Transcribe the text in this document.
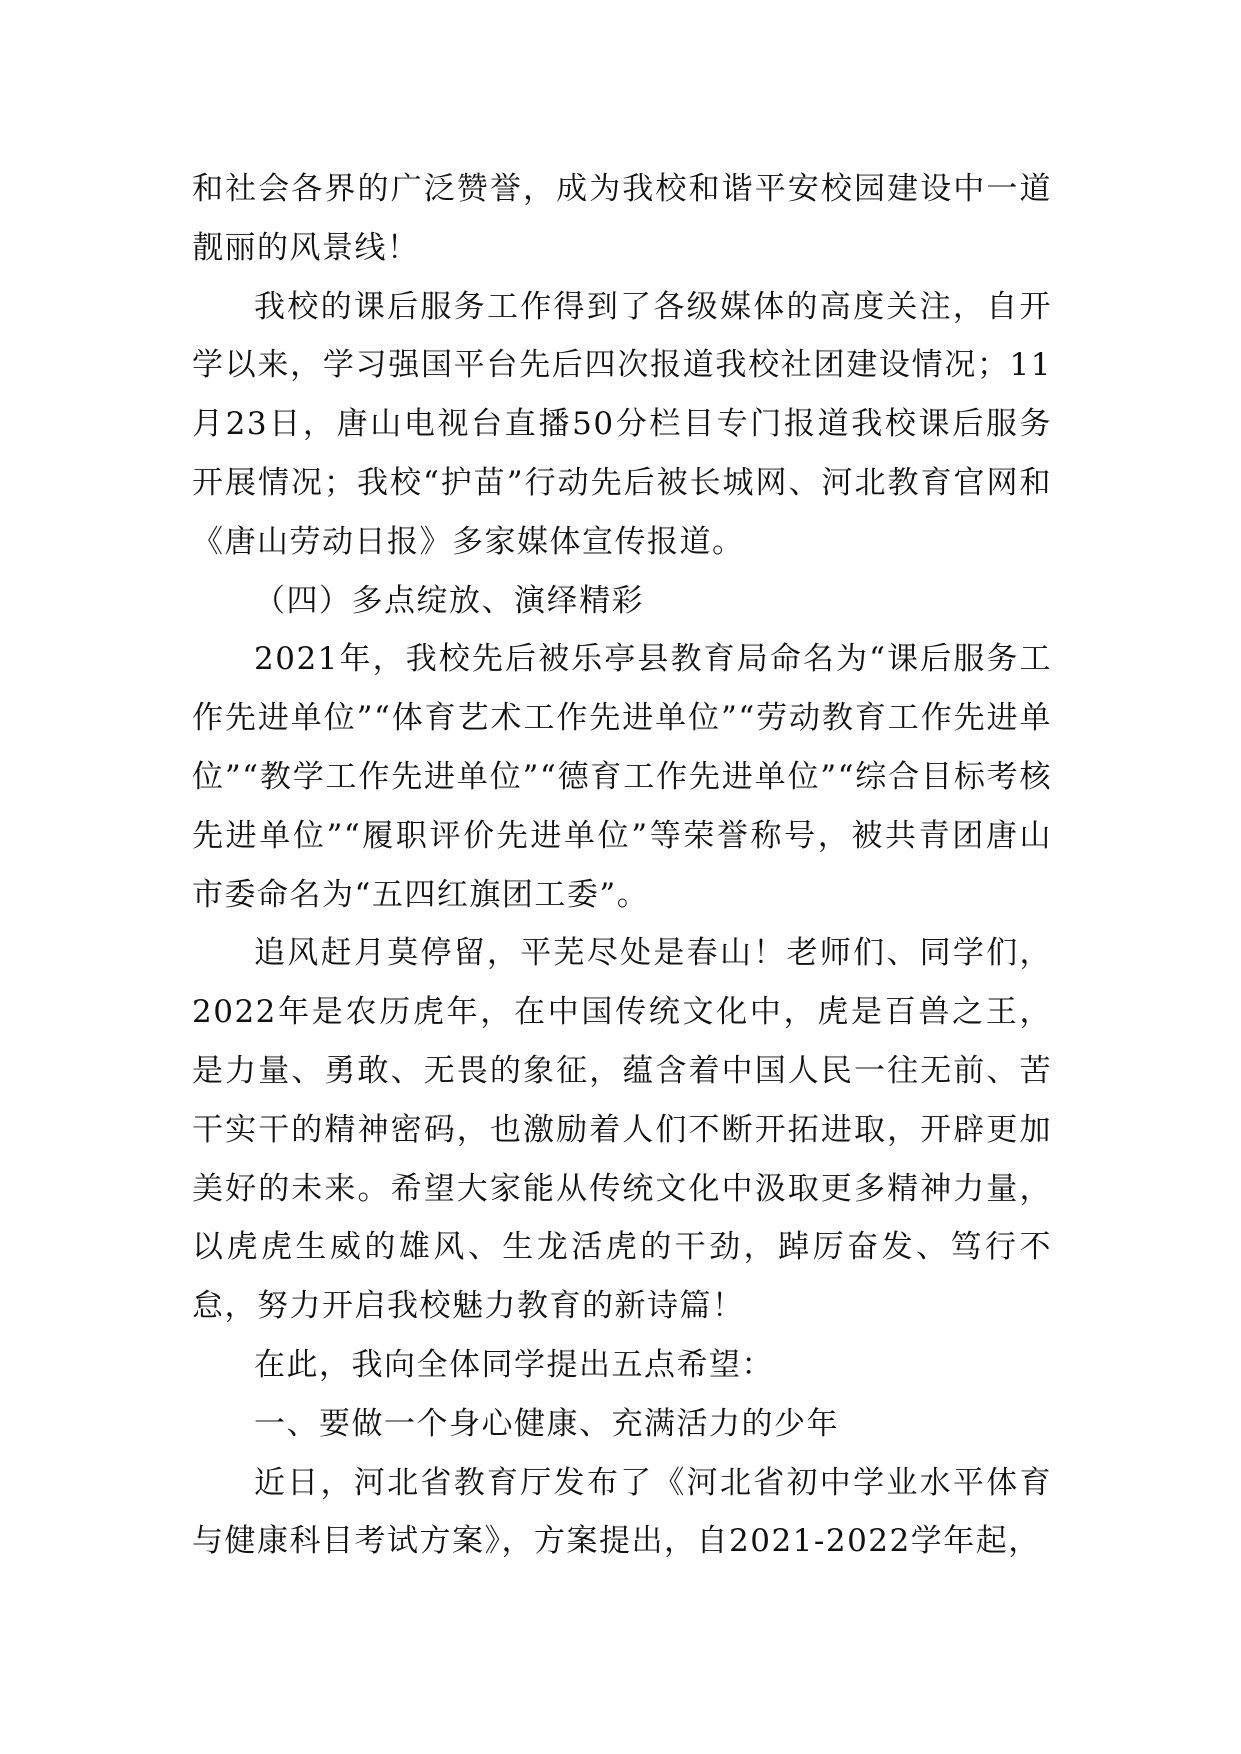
和社会各界的广泛赞誉，成为我校和谐平安校园建设中一道靓丽的风景线！

我校的课后服务工作得到了各级媒体的高度关注，自开学以来，学习强国平台先后四次报道我校社团建设情况；11月23日，唐山电视台直播50分栏目专门报道我校课后服务开展情况；我校“护苗”行动先后被长城网、河北教育官网和《唐山劳动日报》多家媒体宣传报道。

（四）多点绽放、演绎精彩

2021年，我校先后被乐亭县教育局命名为“课后服务工作先进单位”“体育艺术工作先进单位”“劳动教育工作先进单位”“教学工作先进单位”“德育工作先进单位”“综合目标考核先进单位”“履职评价先进单位”等荣誉称号，被共青团唐山市委命名为“五四红旗团工委”。

追风赶月莫停留，平芜尽处是春山！老师们、同学们，2022年是农历虎年，在中国传统文化中，虎是百兽之王，是力量、勇敢、无畏的象征，蕴含着中国人民一往无前、苦干实干的精神密码，也激励着人们不断开拓进取，开辟更加美好的未来。希望大家能从传统文化中汲取更多精神力量，以虎虎生威的雄风、生龙活虎的干劲，踔厉奋发、笃行不怠，努力开启我校魅力教育的新诗篇！

在此，我向全体同学提出五点希望：

一、要做一个身心健康、充满活力的少年

近日，河北省教育厅发布了《河北省初中学业水平体育与健康科目考试方案》，方案提出，自2021-2022学年起，
